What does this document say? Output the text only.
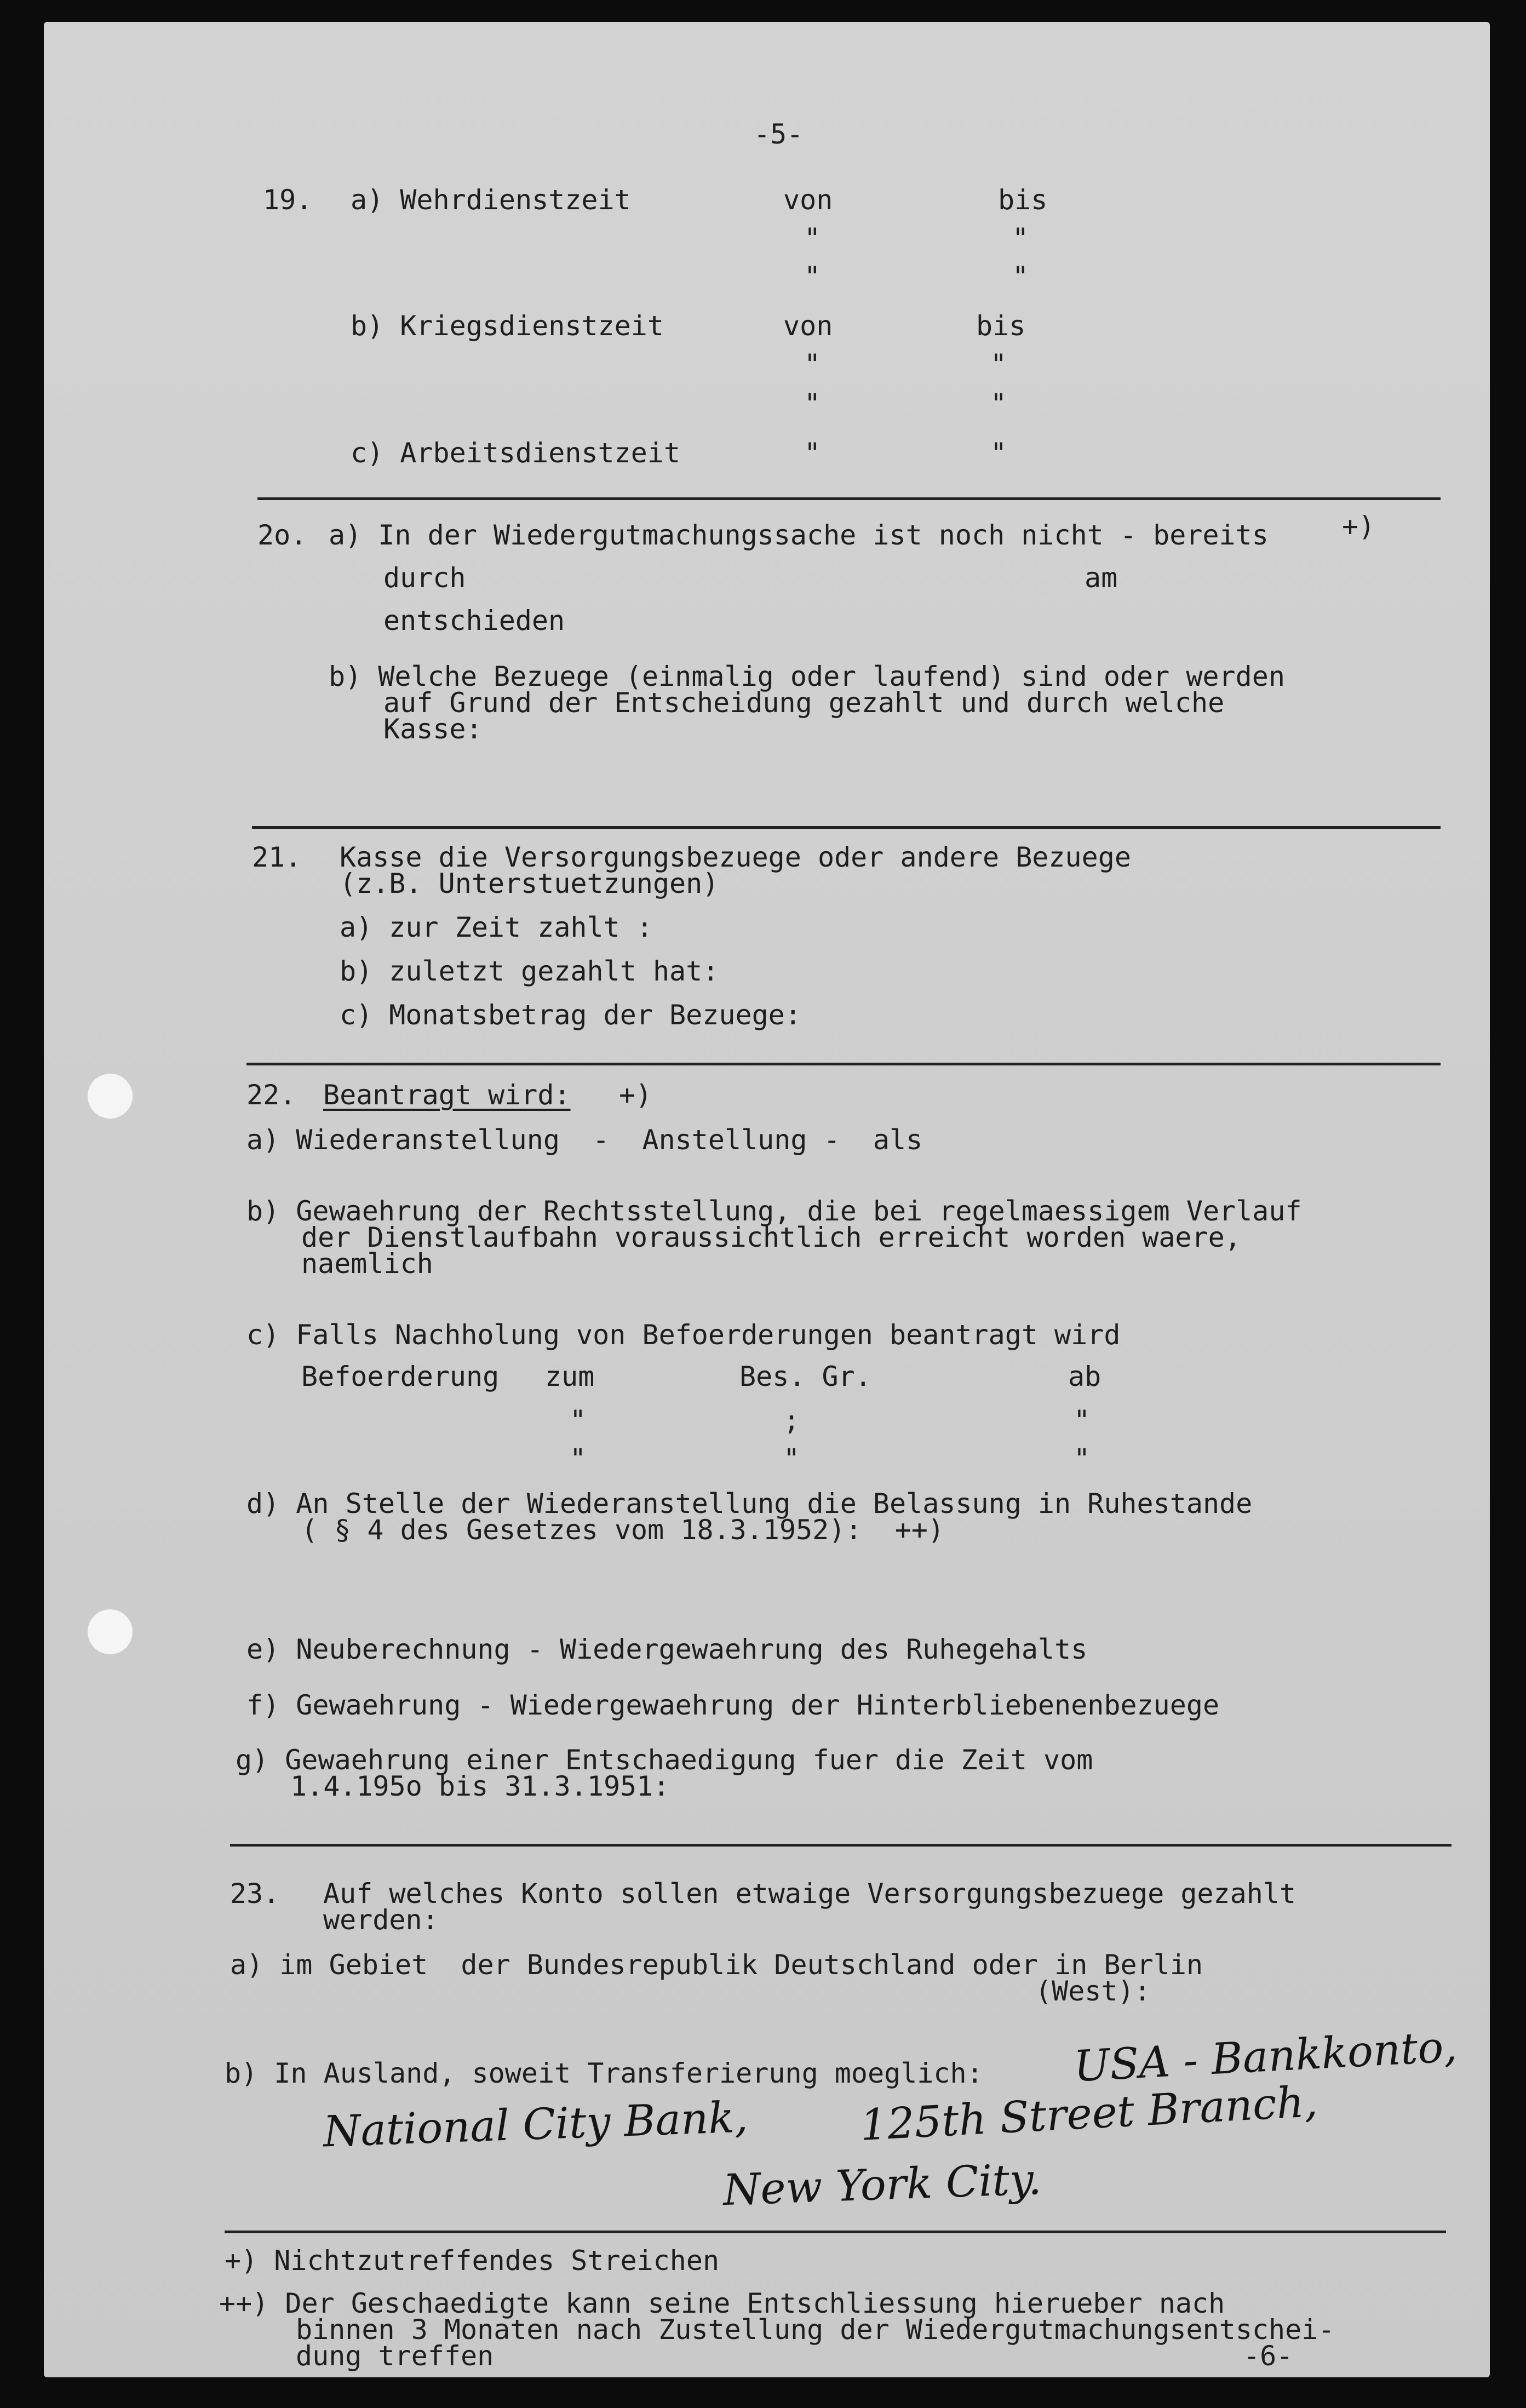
-5-
19. a) Wehrdienstzeit	von	bis
"	"
"	"
b) Kriegsdienstzeit	von	bis
"	"
"	"
c) Arbeitsdienstzeit	"	"
2o. a) In der Wiedergutmachungssache ist noch nicht - bereits	+)
durch	am
entschieden
b) Welche Bezuege (einmalig oder laufend) sind oder werden
auf Grund der Entscheidung gezahlt und durch welche
Kasse:
21. Kasse die Versorgungsbezuege oder andere Bezuege
(z.B. Unterstuetzungen)
a) zur Zeit zahlt :
b) zuletzt gezahlt hat:
c) Monatsbetrag der Bezuege:
22. Beantragt wird: +)
a) Wiederanstellung  -  Anstellung -  als
b) Gewaehrung der Rechtsstellung, die bei regelmaessigem Verlauf
der Dienstlaufbahn voraussichtlich erreicht worden waere,
naemlich
c) Falls Nachholung von Befoerderungen beantragt wird
Befoerderung zum	Bes. Gr.	ab
"	;	"
"	"	"
d) An Stelle der Wiederanstellung die Belassung in Ruhestande
( § 4 des Gesetzes vom 18.3.1952):  ++)
e) Neuberechnung - Wiedergewaehrung des Ruhegehalts
f) Gewaehrung - Wiedergewaehrung der Hinterbliebenenbezuege
g) Gewaehrung einer Entschaedigung fuer die Zeit vom
1.4.195o bis 31.3.1951:
23. Auf welches Konto sollen etwaige Versorgungsbezuege gezahlt
werden:
a) im Gebiet  der Bundesrepublik Deutschland oder in Berlin
(West):
b) In Ausland, soweit Transferierung moeglich: USA - Bankkonto,
National City Bank,	125th Street Branch,
New York City.
+) Nichtzutreffendes Streichen
++) Der Geschaedigte kann seine Entschliessung hierueber nach
binnen 3 Monaten nach Zustellung der Wiedergutmachungsentschei-
dung treffen	-6-
